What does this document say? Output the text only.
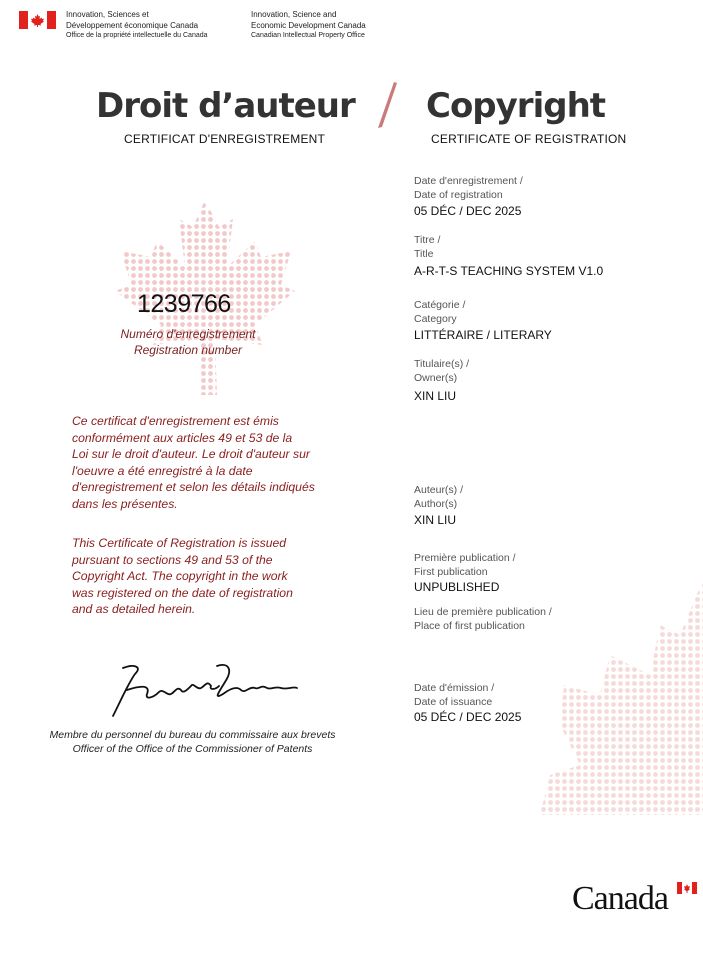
Innovation, Sciences et
Développement économique Canada
Office de la propriété intellectuelle du Canada
Innovation, Science and
Economic Development Canada
Canadian Intellectual Property Office
Droit d’auteur Copyright
CERTIFICAT D'ENREGISTREMENT	CERTIFICATE OF REGISTRATION
1239766
Numéro d'enregistrement
Registration number
Ce certificat d'enregistrement est émis
conformément aux articles 49 et 53 de la
Loi sur le droit d'auteur. Le droit d'auteur sur
l'oeuvre a été enregistré à la date
d'enregistrement et selon les détails indiqués
dans les présentes.
This Certificate of Registration is issued
pursuant to sections 49 and 53 of the
Copyright Act. The copyright in the work
was registered on the date of registration
and as detailed herein.
Membre du personnel du bureau du commissaire aux brevets
Officer of the Office of the Commissioner of Patents
Date d'enregistrement /
Date of registration
05 DÉC / DEC 2025
Titre /
Title
A-R-T-S TEACHING SYSTEM V1.0
Catégorie /
Category
LITTÉRAIRE / LITERARY
Titulaire(s) /
Owner(s)
XIN LIU
Auteur(s) /
Author(s)
XIN LIU
Première publication /
First publication
UNPUBLISHED
Lieu de première publication /
Place of first publication
Date d'émission /
Date of issuance
05 DÉC / DEC 2025
Canada
